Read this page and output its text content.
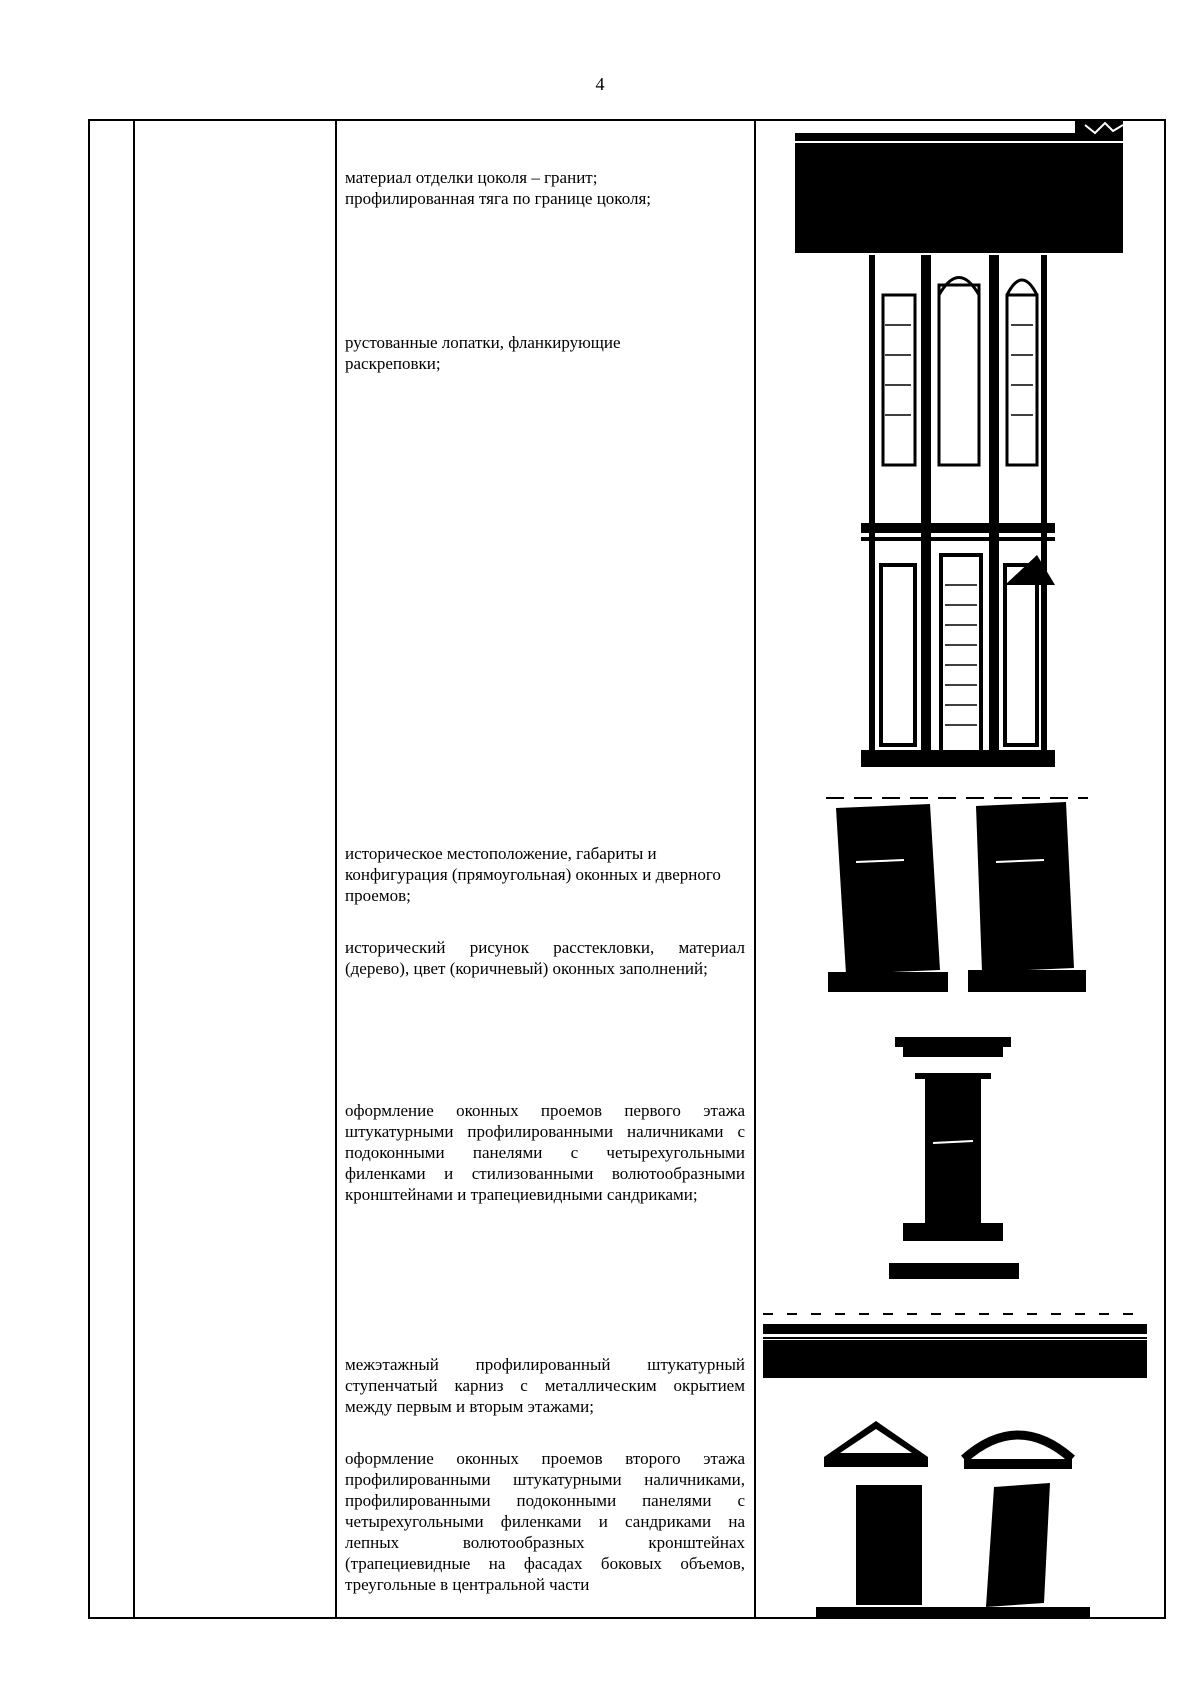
4
материал отделки цоколя – гранит;
профилированная тяга по границе цоколя;
рустованные лопатки, фланкирующие раскреповки;
историческое местоположение, габариты и конфигурация (прямоугольная) оконных и дверного проемов;
исторический рисунок расстекловки, материал (дерево), цвет (коричневый) оконных заполнений;
оформление оконных проемов первого этажа штукатурными профилированными наличниками с подоконными панелями с четырехугольными филенками и стилизованными волютообразными кронштейнами и трапециевидными сандриками;
межэтажный профилированный штукатурный ступенчатый карниз с металлическим окрытием между первым и вторым этажами;
оформление оконных проемов второго этажа профилированными штукатурными наличниками, профилированными подоконными панелями с четырехугольными филенками и сандриками на лепных волютообразных кронштейнах (трапециевидные на фасадах боковых объемов, треугольные в центральной части
